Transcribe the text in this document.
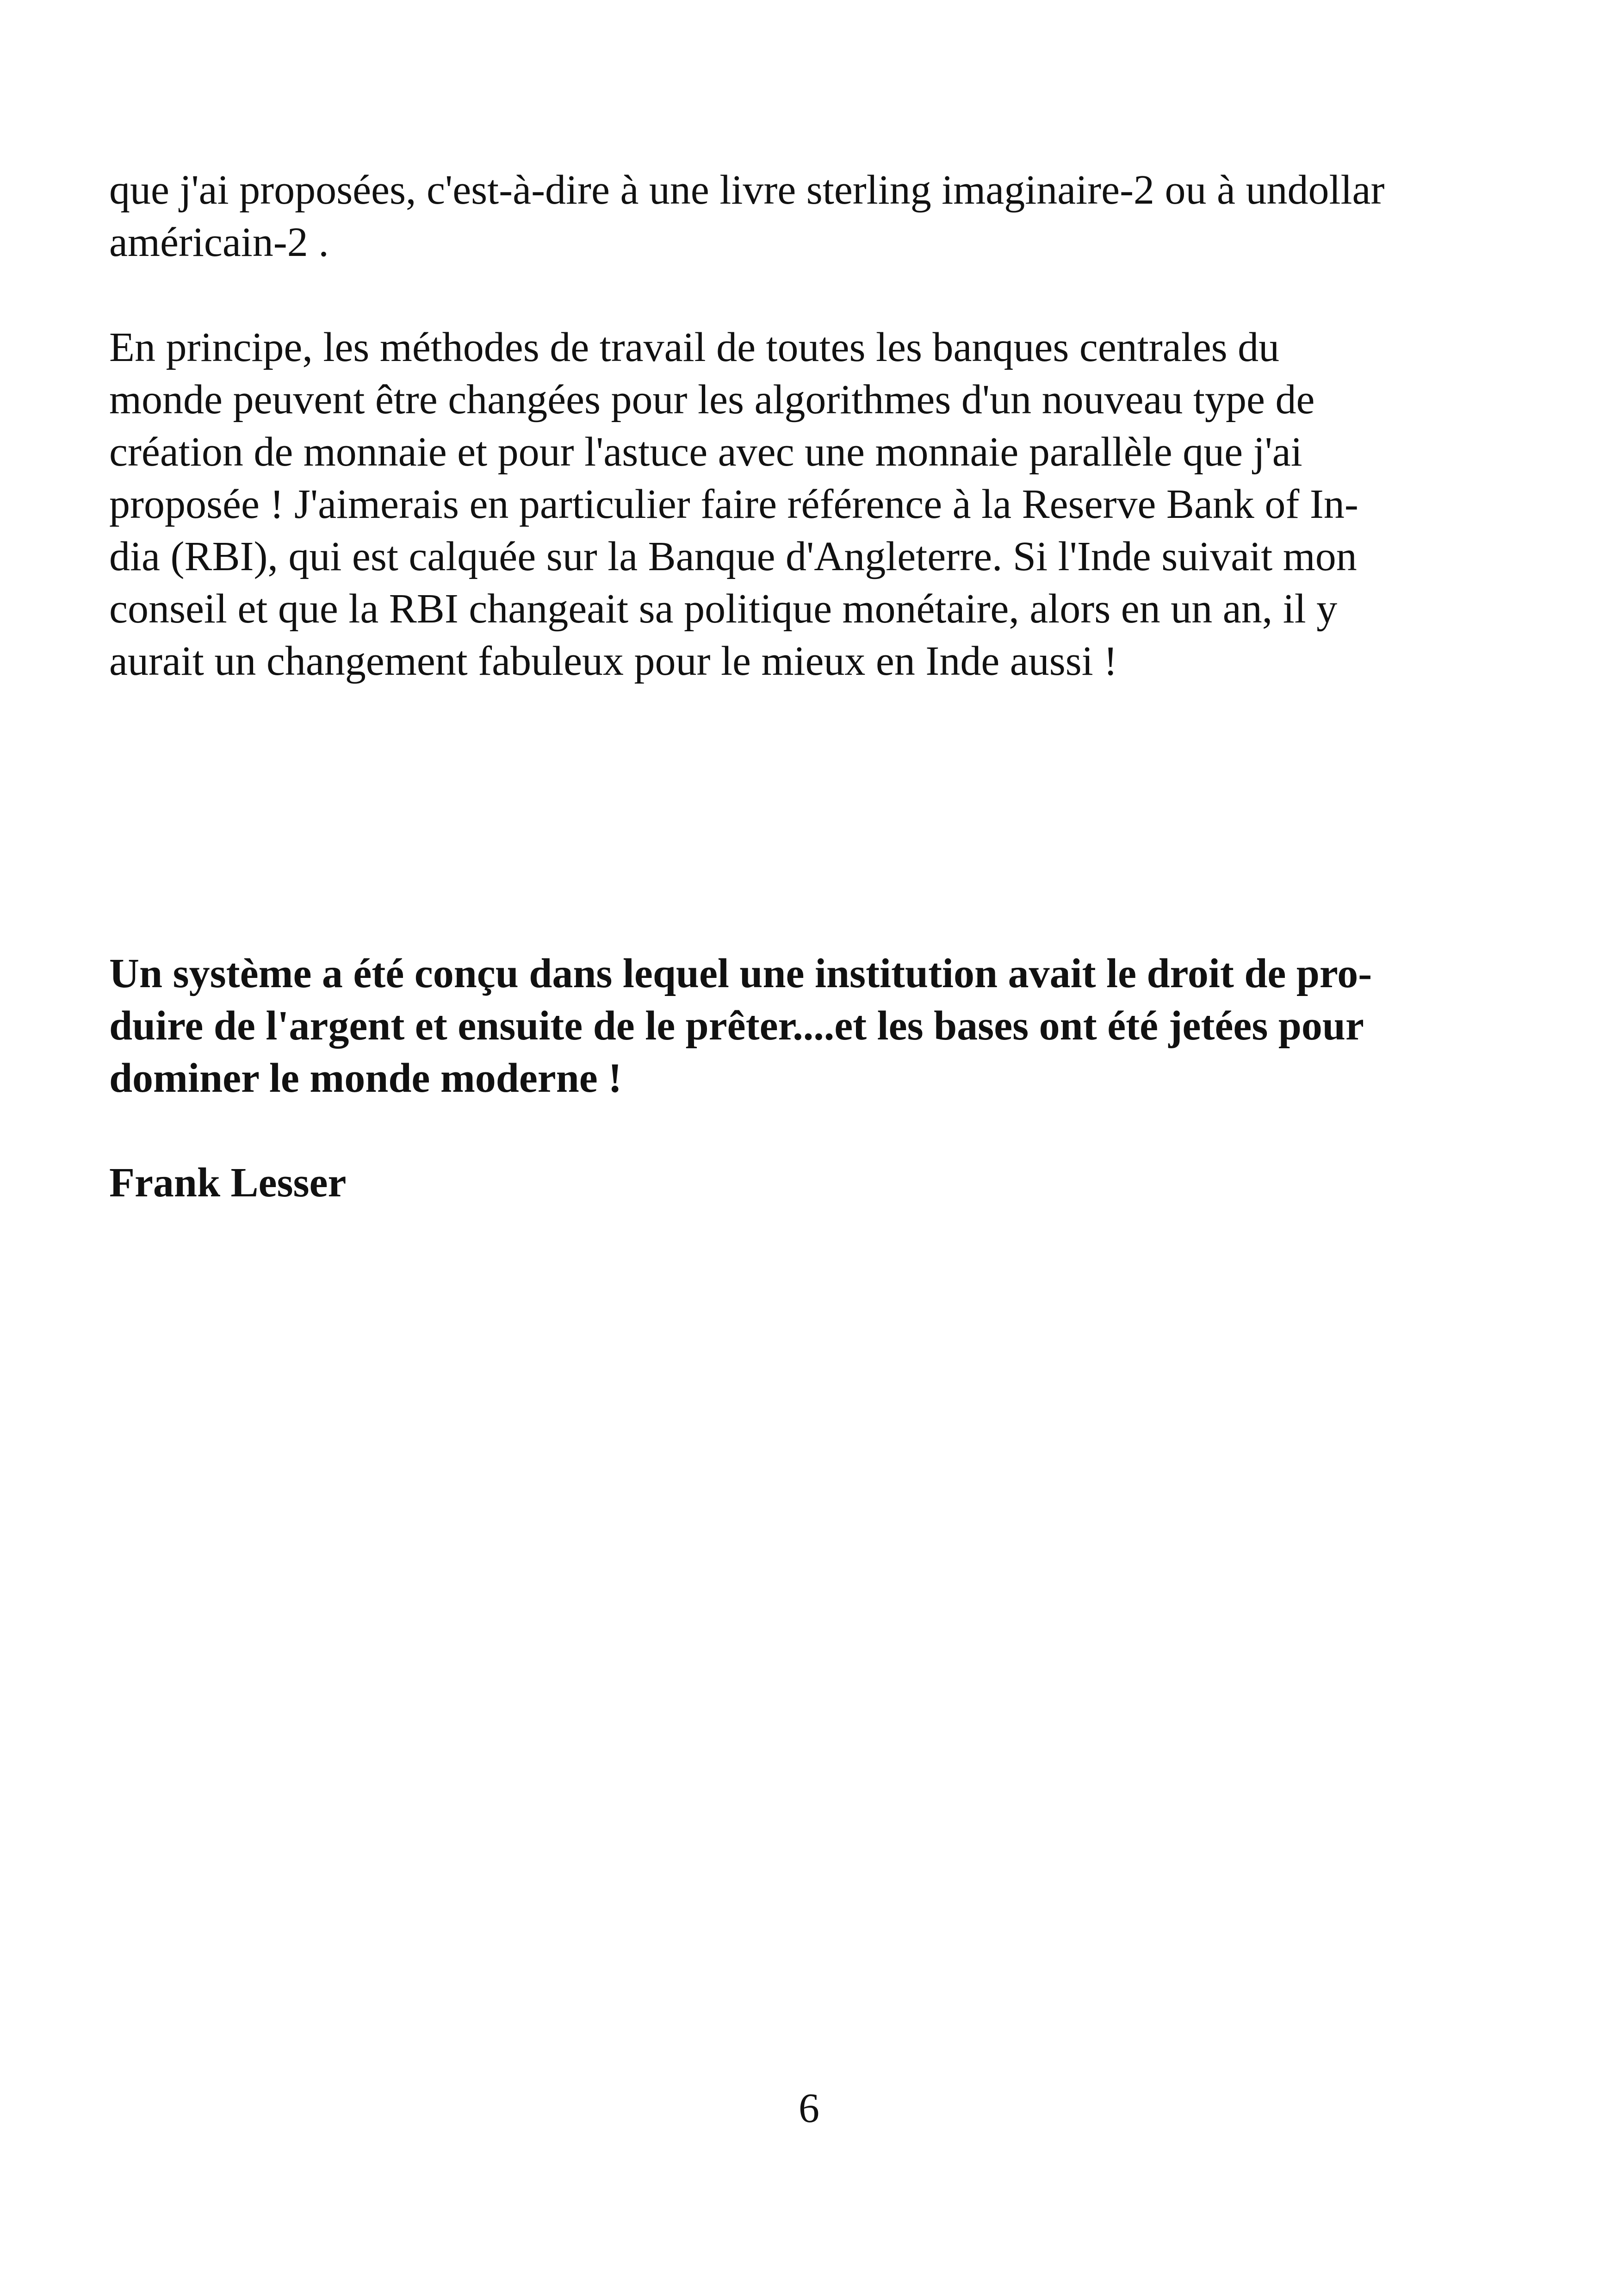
que j'ai proposées, c'est-à-dire à une livre sterling imaginaire-2 ou à undollar
américain-2 .
En principe, les méthodes de travail de toutes les banques centrales du
monde peuvent être changées pour les algorithmes d'un nouveau type de
création de monnaie et pour l'astuce avec une monnaie parallèle que j'ai
proposée ! J'aimerais en particulier faire référence à la Reserve Bank of In-
dia (RBI), qui est calquée sur la Banque d'Angleterre. Si l'Inde suivait mon
conseil et que la RBI changeait sa politique monétaire, alors en un an, il y
aurait un changement fabuleux pour le mieux en Inde aussi !
Un système a été conçu dans lequel une institution avait le droit de pro-
duire de l'argent et ensuite de le prêter....et les bases ont été jetées pour
dominer le monde moderne !
Frank Lesser
6
